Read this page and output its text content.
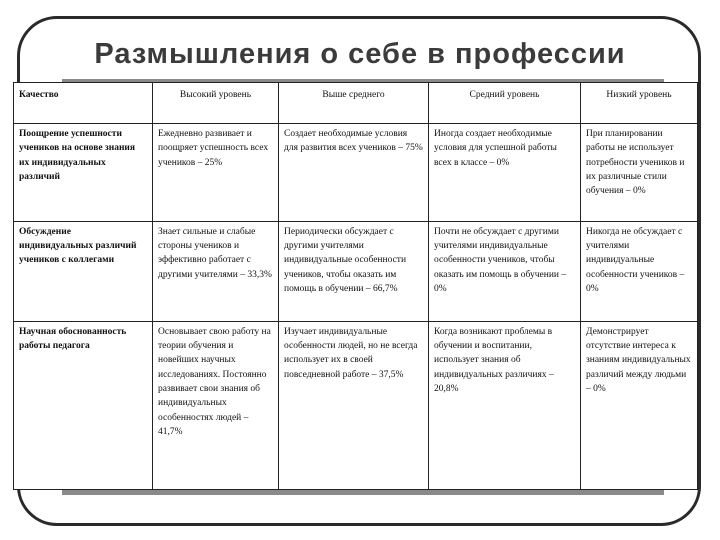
Размышления о себе в профессии
Качество	Высокий уровень	Выше среднего	Средний уровень	Низкий уровень
Поощрение успешности учеников на основе знания их индивидуальных различий	Ежедневно развивает и поощряет успешность всех учеников – 25%	Создает необходимые условия для развития всех учеников – 75%	Иногда создает необходимые условия для успешной работы всех в классе – 0%	При планировании работы не использует потребности учеников и их различные стили обучения – 0%
Обсуждение индивидуальных различий учеников с коллегами	Знает сильные и слабые стороны учеников и эффективно работает с другими учителями – 33,3%	Периодически обсуждает с другими учителями индивидуальные особенности учеников, чтобы оказать им помощь в обучении – 66,7%	Почти не обсуждает с другими учителями индивидуальные особенности учеников, чтобы оказать им помощь в обучении – 0%	Никогда не обсуждает с учителями индивидуальные особенности учеников – 0%
Научная обоснованность работы педагога	Основывает свою работу на теории обучения и новейших научных исследованиях. Постоянно развивает свои знания об индивидуальных особенностях людей – 41,7%	Изучает индивидуальные особенности людей, но не всегда использует их в своей повседневной работе – 37,5%	Когда возникают проблемы в обучении и воспитании, использует знания об индивидуальных различиях – 20,8%	Демонстрирует отсутствие интереса к знаниям индивидуальных различий между людьми – 0%
